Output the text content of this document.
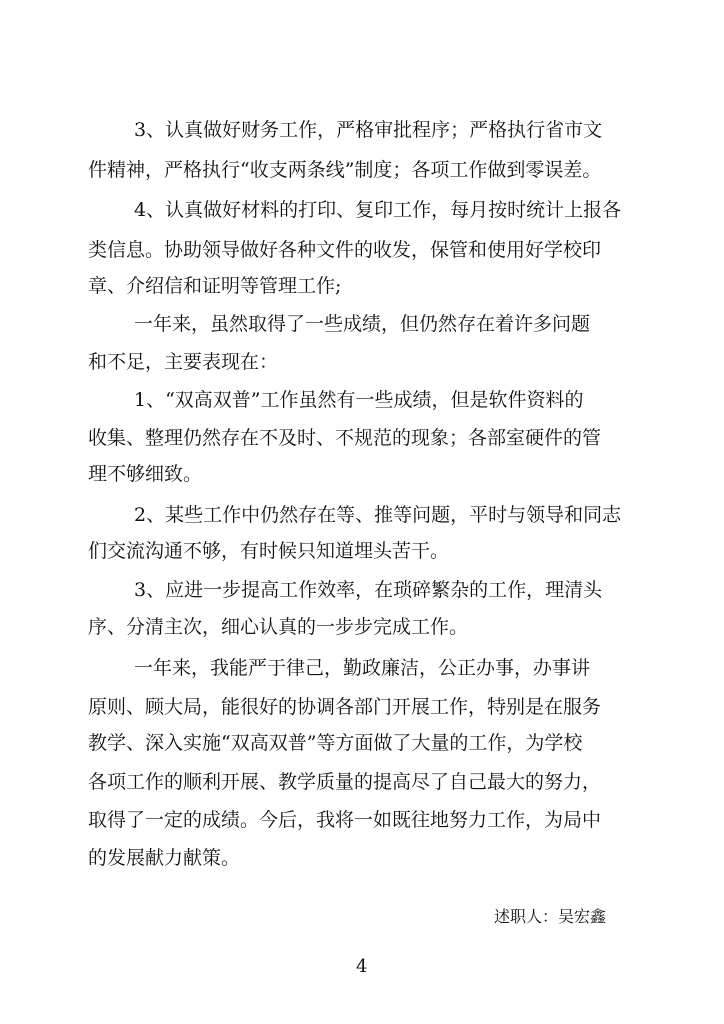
3、认真做好财务工作，严格审批程序；严格执行省市文
件精神，严格执行“收支两条线”制度；各项工作做到零误差。
4、认真做好材料的打印、复印工作，每月按时统计上报各
类信息。协助领导做好各种文件的收发，保管和使用好学校印
章、介绍信和证明等管理工作;
一年来，虽然取得了一些成绩，但仍然存在着许多问题
和不足，主要表现在：
1、“双高双普”工作虽然有一些成绩，但是软件资料的
收集、整理仍然存在不及时、不规范的现象；各部室硬件的管
理不够细致。
2、某些工作中仍然存在等、推等问题，平时与领导和同志
们交流沟通不够，有时候只知道埋头苦干。
3、应进一步提高工作效率，在琐碎繁杂的工作，理清头
序、分清主次，细心认真的一步步完成工作。
一年来，我能严于律己，勤政廉洁，公正办事，办事讲
原则、顾大局，能很好的协调各部门开展工作，特别是在服务
教学、深入实施“双高双普”等方面做了大量的工作，为学校
各项工作的顺利开展、教学质量的提高尽了自己最大的努力，
取得了一定的成绩。今后，我将一如既往地努力工作，为局中
的发展献力献策。
述职人：吴宏鑫
4
